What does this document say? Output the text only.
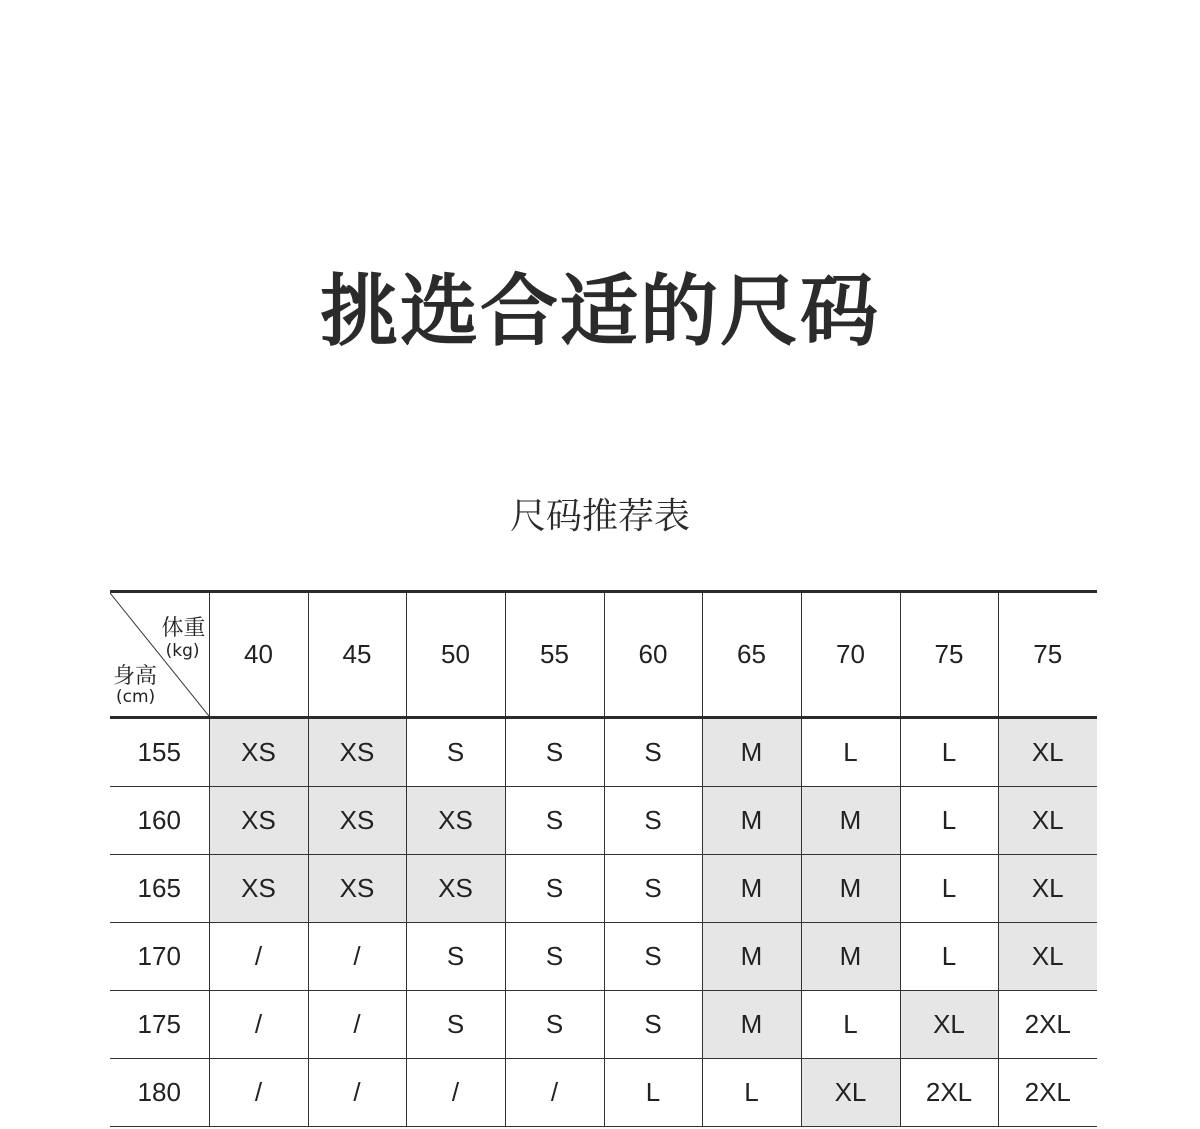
挑选合适的尺码
尺码推荐表
体重
(kg)
身高
(cm)	40	45	50	55	60	65	70	75	75
155	XS	XS	S	S	S	M	L	L	XL
160	XS	XS	XS	S	S	M	M	L	XL
165	XS	XS	XS	S	S	M	M	L	XL
170	/	/	S	S	S	M	M	L	XL
175	/	/	S	S	S	M	L	XL	2XL
180	/	/	/	/	L	L	XL	2XL	2XL
